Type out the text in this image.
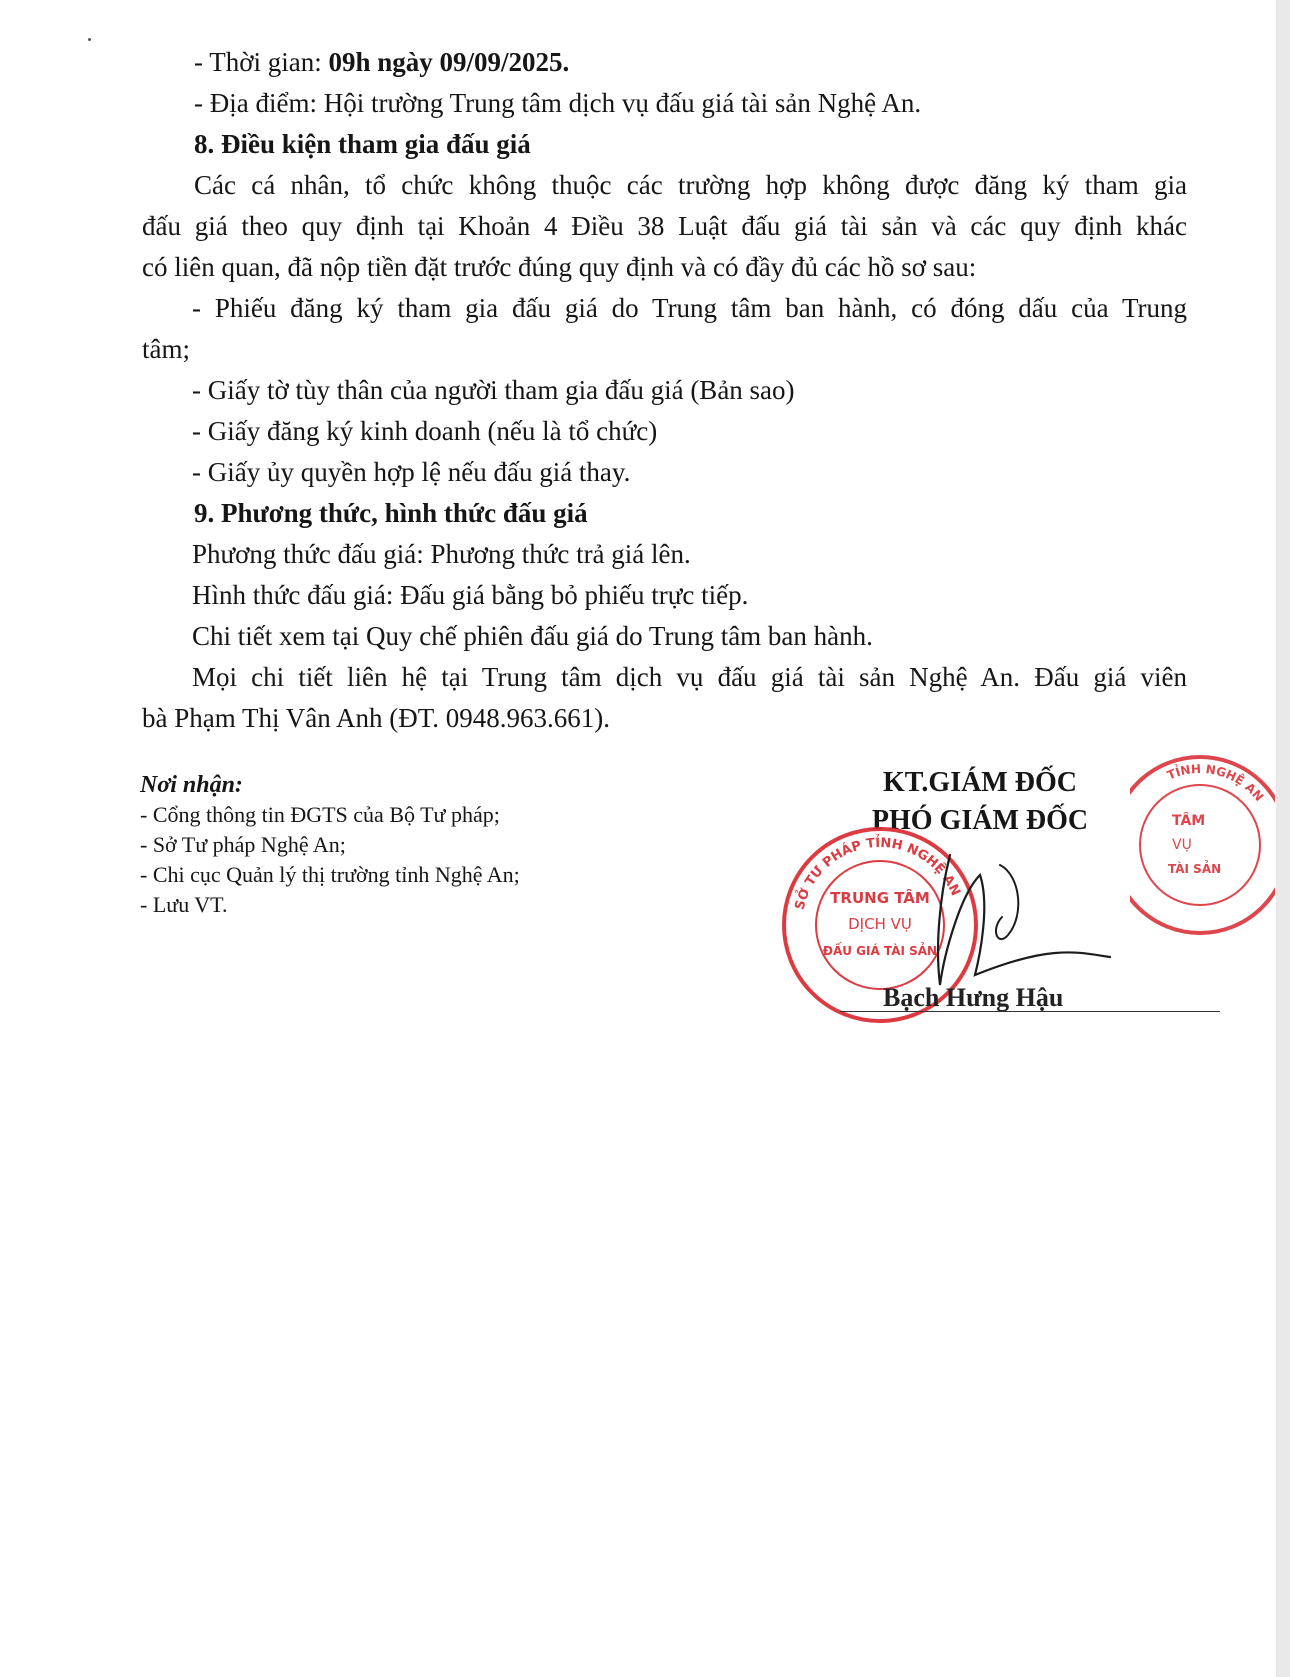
- Thời gian: 09h ngày 09/09/2025.
- Địa điểm: Hội trường Trung tâm dịch vụ đấu giá tài sản Nghệ An.
8. Điều kiện tham gia đấu giá
Các cá nhân, tổ chức không thuộc các trường hợp không được đăng ký tham gia
đấu giá theo quy định tại Khoản 4 Điều 38 Luật đấu giá tài sản và các quy định khác
có liên quan, đã nộp tiền đặt trước đúng quy định và có đầy đủ các hồ sơ sau:
- Phiếu đăng ký tham gia đấu giá do Trung tâm ban hành, có đóng dấu của Trung
tâm;
- Giấy tờ tùy thân của người tham gia đấu giá (Bản sao)
- Giấy đăng ký kinh doanh (nếu là tổ chức)
- Giấy ủy quyền hợp lệ nếu đấu giá thay.
9. Phương thức, hình thức đấu giá
Phương thức đấu giá: Phương thức trả giá lên.
Hình thức đấu giá: Đấu giá bằng bỏ phiếu trực tiếp.
Chi tiết xem tại Quy chế phiên đấu giá do Trung tâm ban hành.
Mọi chi tiết liên hệ tại Trung tâm dịch vụ đấu giá tài sản Nghệ An. Đấu giá viên
bà Phạm Thị Vân Anh (ĐT. 0948.963.661).
Nơi nhận:
- Cổng thông tin ĐGTS của Bộ Tư pháp;
- Sở Tư pháp Nghệ An;
- Chi cục Quản lý thị trường tỉnh Nghệ An;
- Lưu VT.
KT.GIÁM ĐỐC
PHÓ GIÁM ĐỐC
SỞ TƯ PHÁP TỈNH NGHỆ AN
TRUNG TÂM
DỊCH VỤ
ĐẤU GIÁ TÀI SẢN
TỈNH NGHỆ AN
TÂM
VỤ
TÀI SẢN
Bạch Hưng Hậu
